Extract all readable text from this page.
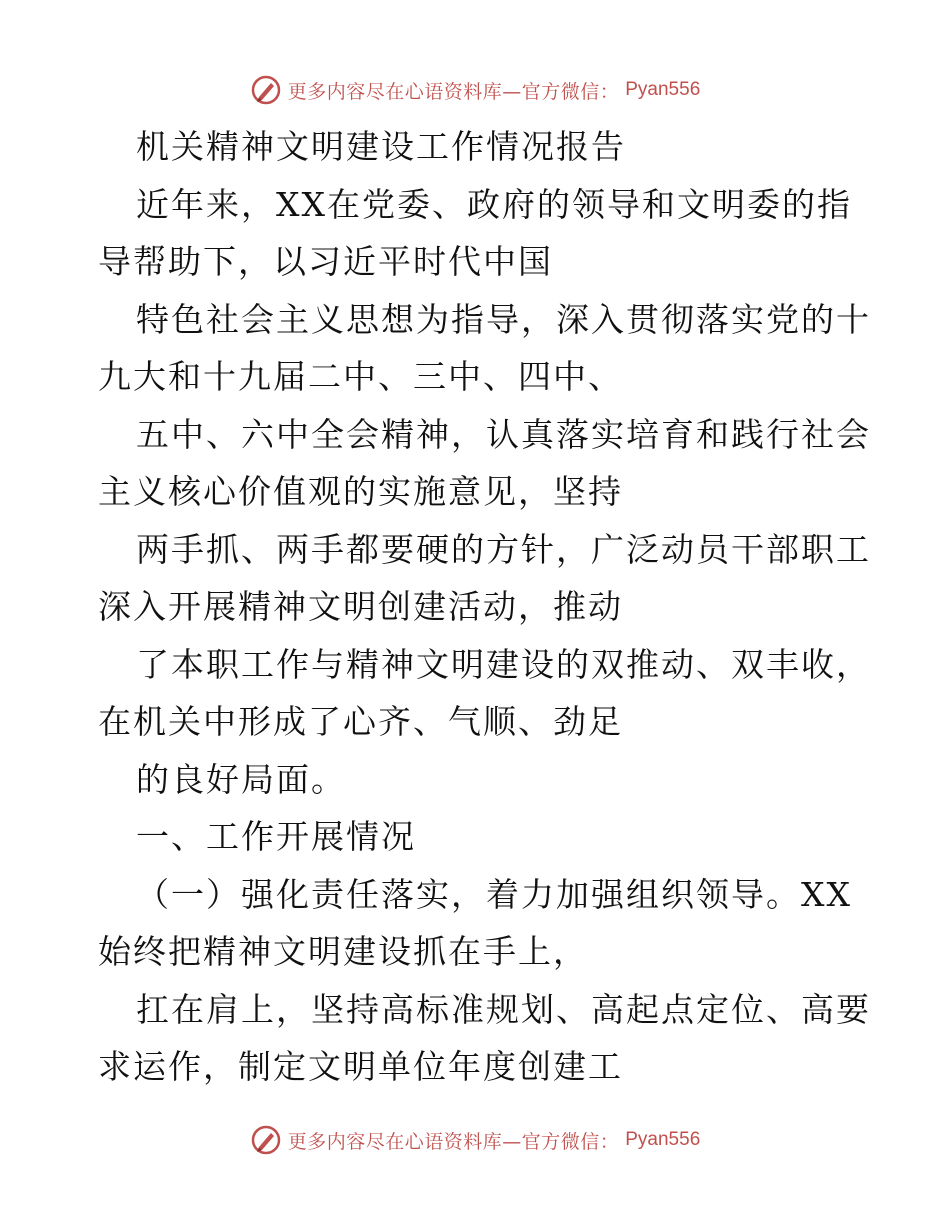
更多内容尽在心语资料库—官方微信： Pyan556
机关精神文明建设工作情况报告
近年来，XX在党委、政府的领导和文明委的指
导帮助下，以习近平时代中国
特色社会主义思想为指导，深入贯彻落实党的十
九大和十九届二中、三中、四中、
五中、六中全会精神，认真落实培育和践行社会
主义核心价值观的实施意见，坚持
两手抓、两手都要硬的方针，广泛动员干部职工
深入开展精神文明创建活动，推动
了本职工作与精神文明建设的双推动、双丰收，
在机关中形成了心齐、气顺、劲足
的良好局面。
一、工作开展情况
（一）强化责任落实，着力加强组织领导。XX
始终把精神文明建设抓在手上，
扛在肩上，坚持高标准规划、高起点定位、高要
求运作，制定文明单位年度创建工
更多内容尽在心语资料库—官方微信： Pyan556
